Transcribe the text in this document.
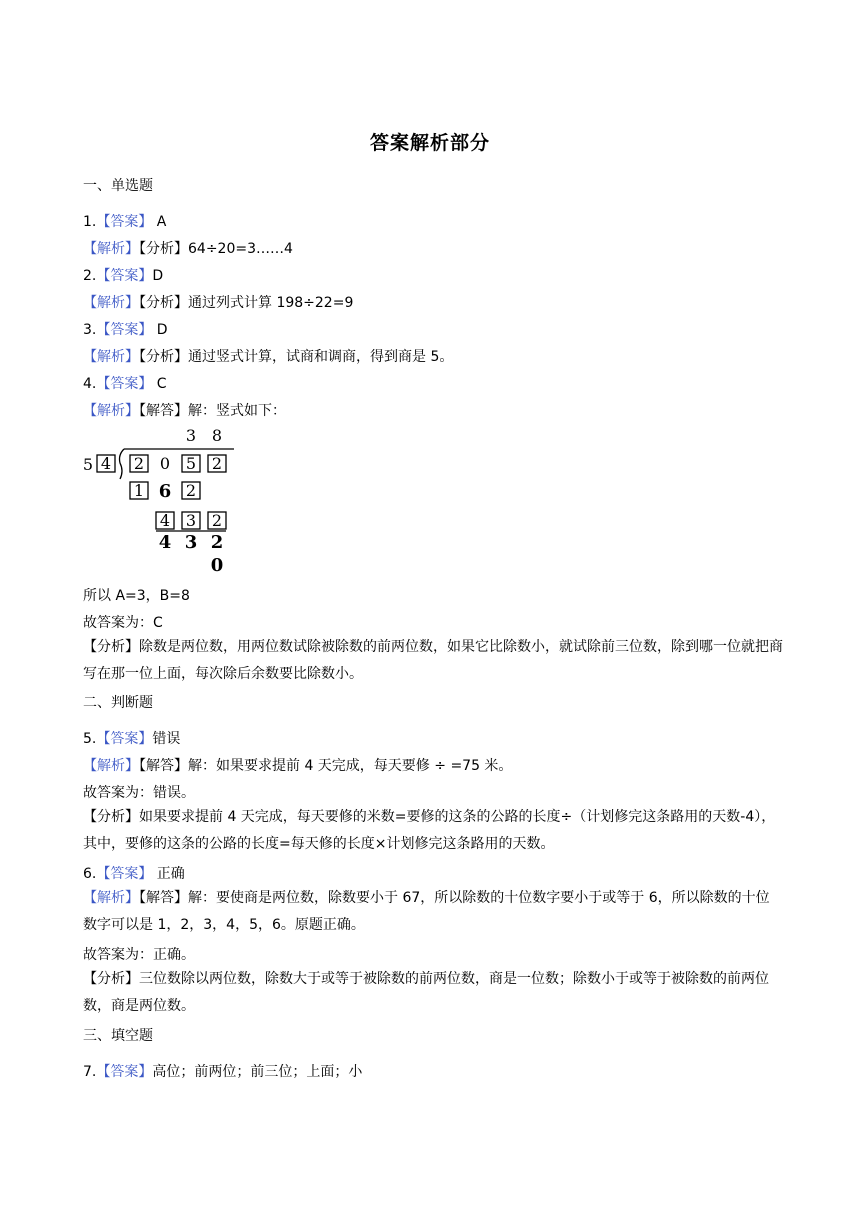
答案解析部分
一、单选题
1.【答案】 A
【解析】【分析】64÷20=3……4
2.【答案】D
【解析】【分析】通过列式计算 198÷22=9
3.【答案】 D
【解析】【分析】通过竖式计算，试商和调商，得到商是 5。
4.【答案】 C
【解析】【解答】解：竖式如下：
3 8
5 4 2 0 5 2
1 6 2
4 3 2
4 3 2
0
所以 A=3，B=8
故答案为：C
【分析】除数是两位数，用两位数试除被除数的前两位数，如果它比除数小，就试除前三位数，除到哪一位就把商写在那一位上面，每次除后余数要比除数小。
二、判断题
5.【答案】错误
【解析】【解答】解：如果要求提前 4 天完成，每天要修 ÷ =75 米。
故答案为：错误。
【分析】如果要求提前 4 天完成，每天要修的米数=要修的这条的公路的长度÷（计划修完这条路用的天数-4），其中，要修的这条的公路的长度=每天修的长度×计划修完这条路用的天数。
6.【答案】 正确
【解析】【解答】解：要使商是两位数，除数要小于 67，所以除数的十位数字要小于或等于 6，所以除数的十位数字可以是 1，2，3，4，5，6。原题正确。
故答案为：正确。
【分析】三位数除以两位数，除数大于或等于被除数的前两位数，商是一位数；除数小于或等于被除数的前两位数，商是两位数。
三、填空题
7.【答案】高位；前两位；前三位；上面；小
